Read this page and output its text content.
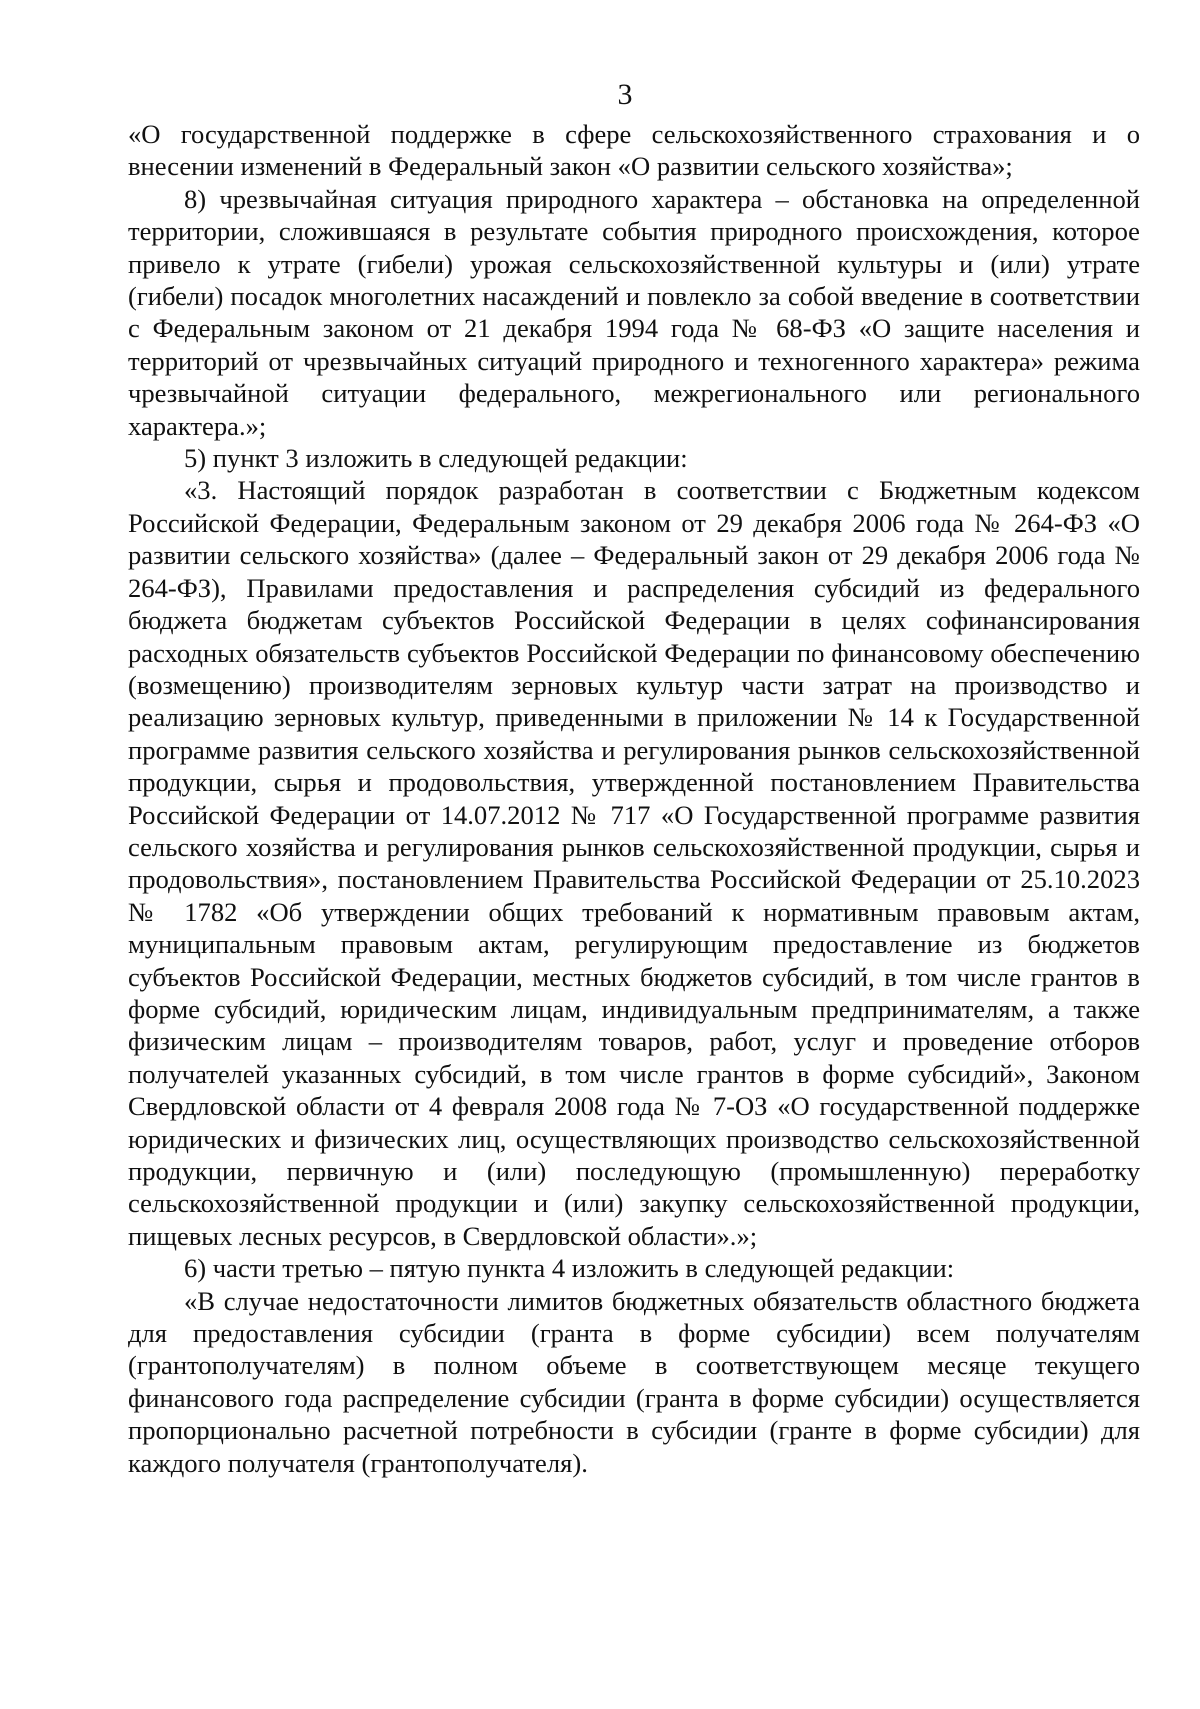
3

«О государственной поддержке в сфере сельскохозяйственного страхования и о внесении изменений в Федеральный закон «О развитии сельского хозяйства»;

8) чрезвычайная ситуация природного характера – обстановка на определенной территории, сложившаяся в результате события природного происхождения, которое привело к утрате (гибели) урожая сельскохозяйственной культуры и (или) утрате (гибели) посадок многолетних насаждений и повлекло за собой введение в соответствии с Федеральным законом от 21 декабря 1994 года № 68-ФЗ «О защите населения и территорий от чрезвычайных ситуаций природного и техногенного характера» режима чрезвычайной ситуации федерального, межрегионального или регионального характера.»;

5) пункт 3 изложить в следующей редакции:

«3. Настоящий порядок разработан в соответствии с Бюджетным кодексом Российской Федерации, Федеральным законом от 29 декабря 2006 года № 264-ФЗ «О развитии сельского хозяйства» (далее – Федеральный закон от 29 декабря 2006 года № 264-ФЗ), Правилами предоставления и распределения субсидий из федерального бюджета бюджетам субъектов Российской Федерации в целях софинансирования расходных обязательств субъектов Российской Федерации по финансовому обеспечению (возмещению) производителям зерновых культур части затрат на производство и реализацию зерновых культур, приведенными в приложении № 14 к Государственной программе развития сельского хозяйства и регулирования рынков сельскохозяйственной продукции, сырья и продовольствия, утвержденной постановлением Правительства Российской Федерации от 14.07.2012 № 717 «О Государственной программе развития сельского хозяйства и регулирования рынков сельскохозяйственной продукции, сырья и продовольствия», постановлением Правительства Российской Федерации от 25.10.2023 № 1782 «Об утверждении общих требований к нормативным правовым актам, муниципальным правовым актам, регулирующим предоставление из бюджетов субъектов Российской Федерации, местных бюджетов субсидий, в том числе грантов в форме субсидий, юридическим лицам, индивидуальным предпринимателям, а также физическим лицам – производителям товаров, работ, услуг и проведение отборов получателей указанных субсидий, в том числе грантов в форме субсидий», Законом Свердловской области от 4 февраля 2008 года № 7-ОЗ «О государственной поддержке юридических и физических лиц, осуществляющих производство сельскохозяйственной продукции, первичную и (или) последующую (промышленную) переработку сельскохозяйственной продукции и (или) закупку сельскохозяйственной продукции, пищевых лесных ресурсов, в Свердловской области».»;

6) части третью – пятую пункта 4 изложить в следующей редакции:

«В случае недостаточности лимитов бюджетных обязательств областного бюджета для предоставления субсидии (гранта в форме субсидии) всем получателям (грантополучателям) в полном объеме в соответствующем месяце текущего финансового года распределение субсидии (гранта в форме субсидии) осуществляется пропорционально расчетной потребности в субсидии (гранте в форме субсидии) для каждого получателя (грантополучателя).
